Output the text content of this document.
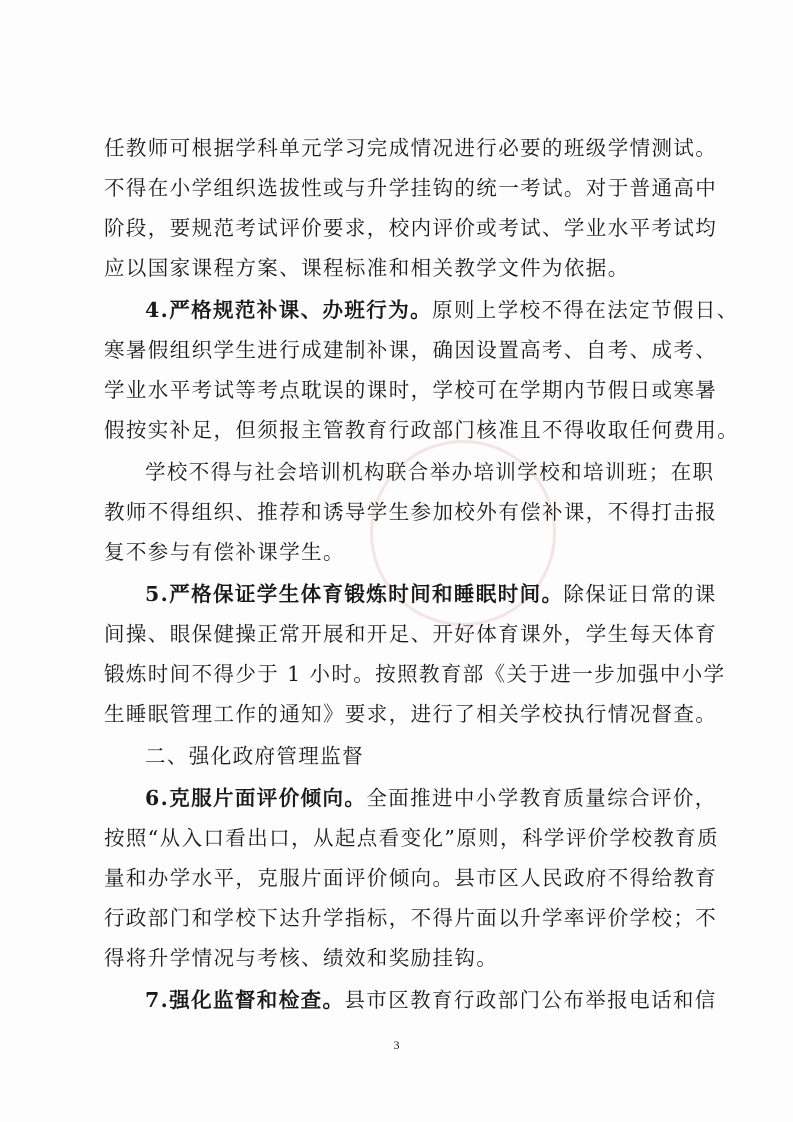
任教师可根据学科单元学习完成情况进行必要的班级学情测试。
不得在小学组织选拔性或与升学挂钩的统一考试。对于普通高中
阶段，要规范考试评价要求，校内评价或考试、学业水平考试均
应以国家课程方案、课程标准和相关教学文件为依据。
4.严格规范补课、办班行为。原则上学校不得在法定节假日、
寒暑假组织学生进行成建制补课，确因设置高考、自考、成考、
学业水平考试等考点耽误的课时，学校可在学期内节假日或寒暑
假按实补足，但须报主管教育行政部门核准且不得收取任何费用。
学校不得与社会培训机构联合举办培训学校和培训班；在职
教师不得组织、推荐和诱导学生参加校外有偿补课，不得打击报
复不参与有偿补课学生。
5.严格保证学生体育锻炼时间和睡眠时间。除保证日常的课
间操、眼保健操正常开展和开足、开好体育课外，学生每天体育
锻炼时间不得少于 1 小时。按照教育部《关于进一步加强中小学
生睡眠管理工作的通知》要求，进行了相关学校执行情况督查。
二、强化政府管理监督
6.克服片面评价倾向。全面推进中小学教育质量综合评价，
按照“从入口看出口，从起点看变化”原则，科学评价学校教育质
量和办学水平，克服片面评价倾向。县市区人民政府不得给教育
行政部门和学校下达升学指标，不得片面以升学率评价学校；不
得将升学情况与考核、绩效和奖励挂钩。
7.强化监督和检查。县市区教育行政部门公布举报电话和信
3
